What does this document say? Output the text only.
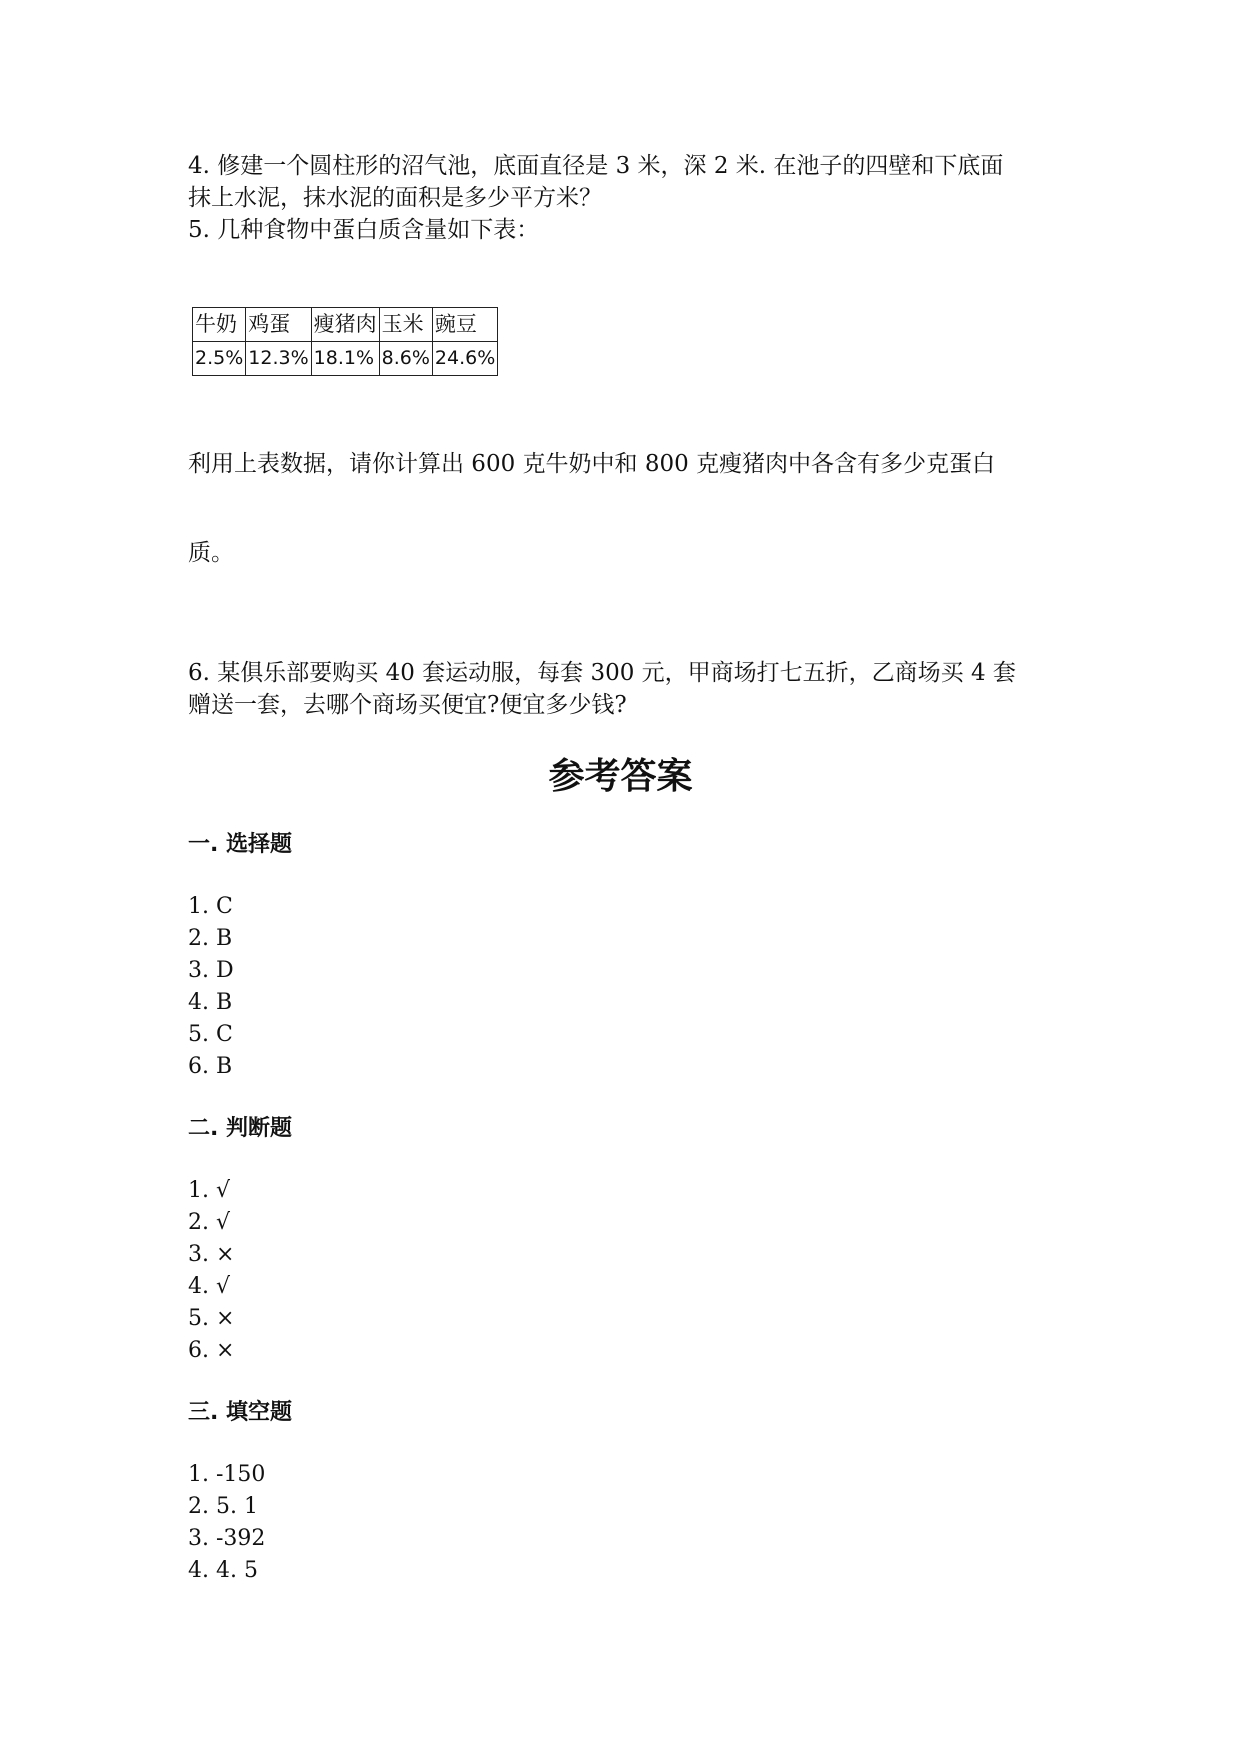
4. 修建一个圆柱形的沼气池，底面直径是 3 米，深 2 米. 在池子的四壁和下底面
抹上水泥，抹水泥的面积是多少平方米？
5. 几种食物中蛋白质含量如下表：
牛奶	鸡蛋	瘦猪肉	玉米	豌豆
2.5%	12.3%	18.1%	8.6%	24.6%
利用上表数据，请你计算出 600 克牛奶中和 800 克瘦猪肉中各含有多少克蛋白
质。
6. 某俱乐部要购买 40 套运动服，每套 300 元，甲商场打七五折，乙商场买 4 套
赠送一套，去哪个商场买便宜?便宜多少钱?
参考答案
一. 选择题
1. C
2. B
3. D
4. B
5. C
6. B
二. 判断题
1. √
2. √
3. ×
4. √
5. ×
6. ×
三. 填空题
1. -150
2. 5. 1
3. -392
4. 4. 5
